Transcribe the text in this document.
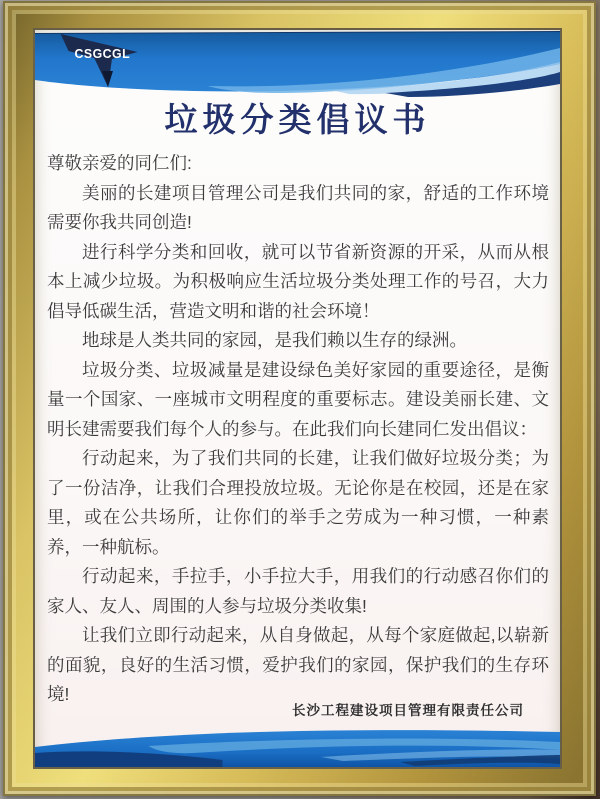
CSGCGL
垃圾分类倡议书

尊敬亲爱的同仁们:

美丽的长建项目管理公司是我们共同的家，舒适的工作环境需要你我共同创造!

进行科学分类和回收，就可以节省新资源的开采，从而从根本上减少垃圾。为积极响应生活垃圾分类处理工作的号召，大力倡导低碳生活，营造文明和谐的社会环境！

地球是人类共同的家园，是我们赖以生存的绿洲。

垃圾分类、垃圾减量是建设绿色美好家园的重要途径，是衡量一个国家、一座城市文明程度的重要标志。建设美丽长建、文明长建需要我们每个人的参与。在此我们向长建同仁发出倡议：

行动起来，为了我们共同的长建，让我们做好垃圾分类；为了一份洁净，让我们合理投放垃圾。无论你是在校园，还是在家里，或在公共场所，让你们的举手之劳成为一种习惯，一种素养，一种航标。

行动起来，手拉手，小手拉大手，用我们的行动感召你们的家人、友人、周围的人参与垃圾分类收集!

让我们立即行动起来，从自身做起，从每个家庭做起,以崭新的面貌，良好的生活习惯，爱护我们的家园，保护我们的生存环境!

长沙工程建设项目管理有限责任公司
